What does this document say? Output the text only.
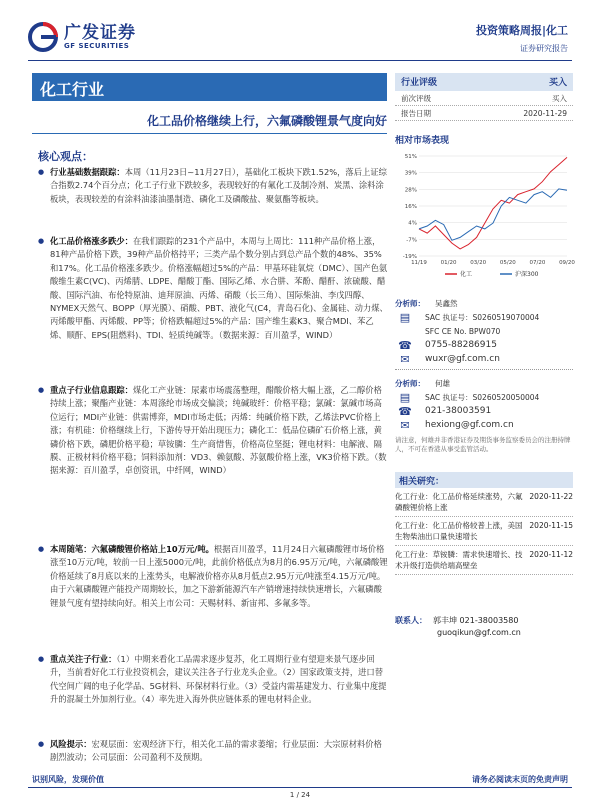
广发证券
GF SECURITIES
投资策略周报|化工
证券研究报告
化工行业
化工品价格继续上行，六氟磷酸锂景气度向好
核心观点：
● 行业基础数据跟踪：本周（11月23日~11月27日），基础化工板块下跌1.52%，落后上证综合指数2.74个百分点；化工子行业下跌较多，表现较好的有氟化工及制冷剂、炭黑、涂料涂板块，表现较差的有涂料油漆油墨制造、磷化工及磷酸盐、聚氨酯等板块。
● 化工品价格涨多跌少：在我们跟踪的231个产品中，本周与上周比：111种产品价格上涨，81种产品价格下跌，39种产品价格持平；三类产品个数分别占到总产品个数的48%、35%和17%。化工品价格涨多跌少。价格涨幅超过5%的产品：甲基环硅氧烷（DMC）、国产色氨酸维生素C(VC)、丙烯腈、LDPE、醋酸丁酯、国际乙烯、水合肼、苯酚、醋酐、浓硫酸、醋酸、国际汽油、布伦特原油、迪拜原油、丙烯、硝酸（长三角）、国际柴油、李戊四醇、NYMEX天然气、BOPP（厚光膜）、硝酸、PBT、液化气(C4，青岛石化)、金属硅、动力煤、丙烯酸甲酯、丙烯酸、PP等；价格跌幅超过5%的产品：国产维生素K3、聚合MDI、苯乙烯、顺酐、EPS(阻燃料)、TDI、轻质纯碱等。（数据来源：百川盈孚，WIND）
● 重点子行业信息跟踪：煤化工产业链：尿素市场震荡整理，醋酸价格大幅上涨，乙二醇价格持续上涨；聚酯产业链：本周涤纶市场成交偏淡；纯碱玻纤：价格平稳；氯碱：氯碱市场高位运行；MDI产业链：供需博弈，MDI市场走低；丙烯：纯碱价格下跌，乙烯法PVC价格上涨；有机硅：价格继续上行，下游传导开始出现压力；磷化工：低品位磷矿石价格上涨，黄磷价格下跌，磷肥价格平稳；草铵膦：生产商惜售，价格高位坚挺；锂电材料：电解液、隔膜、正极材料价格平稳；饲料添加剂：VD3、赖氨酸、苏氨酸价格上涨，VK3价格下跌。（数据来源：百川盈孚，卓创资讯，中纤网，WIND）
● 本周随笔：六氟磷酸锂价格站上10万元/吨。根据百川盈孚，11月24日六氟磷酸锂市场价格涨至10万元/吨，较前一日上涨5000元/吨，此前价格低点为8月的6.95万元/吨，六氟磷酸锂价格延续了8月底以来的上涨势头，电解液价格亦从8月低点2.95万元/吨涨至4.15万元/吨。由于六氟磷酸锂产能投产周期较长，加之下游新能源汽车产销增速持续快速增长，六氟磷酸锂景气度有望持续向好。相关上市公司：天赐材料、新宙邦、多氟多等。
● 重点关注子行业：（1）中期来看化工品需求逐步复苏，化工周期行业有望迎来景气逐步回升，当前看好化工行业投资机会，建议关注各子行业龙头企业。（2）国家政策支持，进口替代空间广阔的电子化学品、5G材料、环保材料行业。（3）受益内需基建发力、行业集中度提升的混凝土外加剂行业。（4）率先进入海外供应链体系的锂电材料企业。
● 风险提示：宏观层面：宏观经济下行，相关化工品的需求萎缩；行业层面：大宗原材料价格剧烈波动；公司层面：公司盈利不及预期。
行业评级	买入
前次评级	买入
报告日期	2020-11-29
相对市场表现
51%
39%
28%
16%
4%
-7%
-19%
11/19 01/20 03/20 05/20 07/20 09/20
化工	沪深300
分析师：	吴鑫然
▤	SAC 执证号：S0260519070004
SFC CE No. BPW070
☎ 0755-88286915
✉	wuxr@gf.com.cn
分析师：	何雄
▤	SAC 执证号：S0260520050004
☎ 021-38003591
✉	hexiong@gf.com.cn
请注意，何雄并非香港证券及期货事务监察委员会的注册持牌人，不可在香港从事受监管活动。
相关研究：
化工行业：化工品价格延续涨势，六氟磷酸锂价格上涨
2020-11-22
化工行业：化工品价格较普上涨，美国生物柴油出口量快速增长
2020-11-15
化工行业：草铵膦：需求快速增长、技术升级打造供给端高壁垒
2020-11-12
联系人： 郭丰坤 021-38003580
guoqikun@gf.com.cn
识别风险，发现价值	请务必阅读末页的免责声明
1 / 24
